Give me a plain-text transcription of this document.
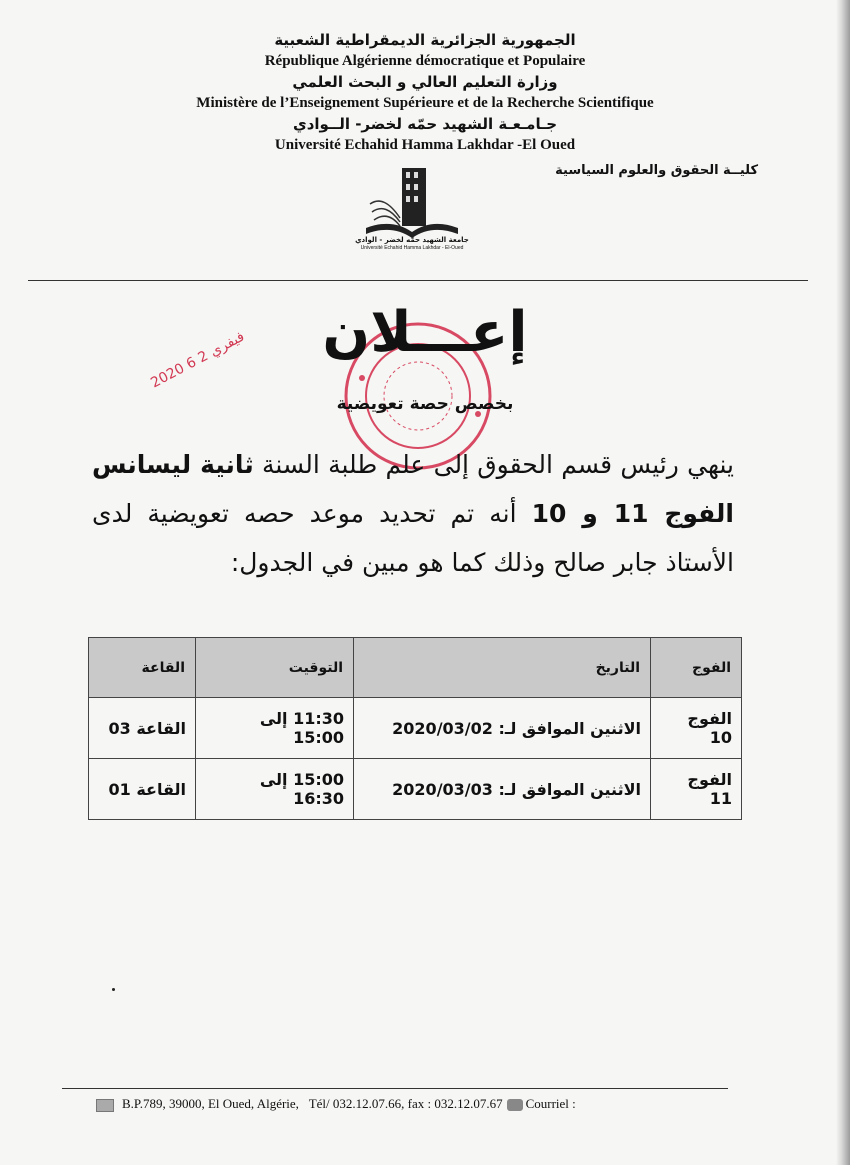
الجمهورية الجزائرية الديمقراطية الشعبية
République Algérienne démocratique et Populaire
وزارة التعليم العالي و البحث العلمي
Ministère de l’Enseignement Supérieure et de la Recherche Scientifique
جـامـعـة الشهيد حمّه لخضر- الــوادي
Université Echahid Hamma Lakhdar -El Oued
كليــة الحقوق والعلوم السياسية
جامعة الشهيد حمّه لخضر - الوادي
Université Echahid Hamma Lakhdar - El-Oued
2020 فيفري 2 6	إعـــلان
بخصص حصة تعويضية
ينهي رئيس قسم الحقوق إلى علم طلبة السنة ثانية ليسانس الفوج 11 و 10 أنه تم تحديد موعد حصه تعويضية لدى الأستاذ جابر صالح وذلك كما هو مبين في الجدول:
الفوج	التاريخ	التوقيت	القاعة
الفوج 10	الاثنين الموافق لـ: 2020/03/02	11:30 إلى 15:00	القاعة 03
الفوج 11	الاثنين الموافق لـ: 2020/03/03	15:00 إلى 16:30	القاعة 01
B.P.789, 39000, El Oued, Algérie, Tél/ 032.12.07.66, fax : 032.12.07.67 Courriel :
